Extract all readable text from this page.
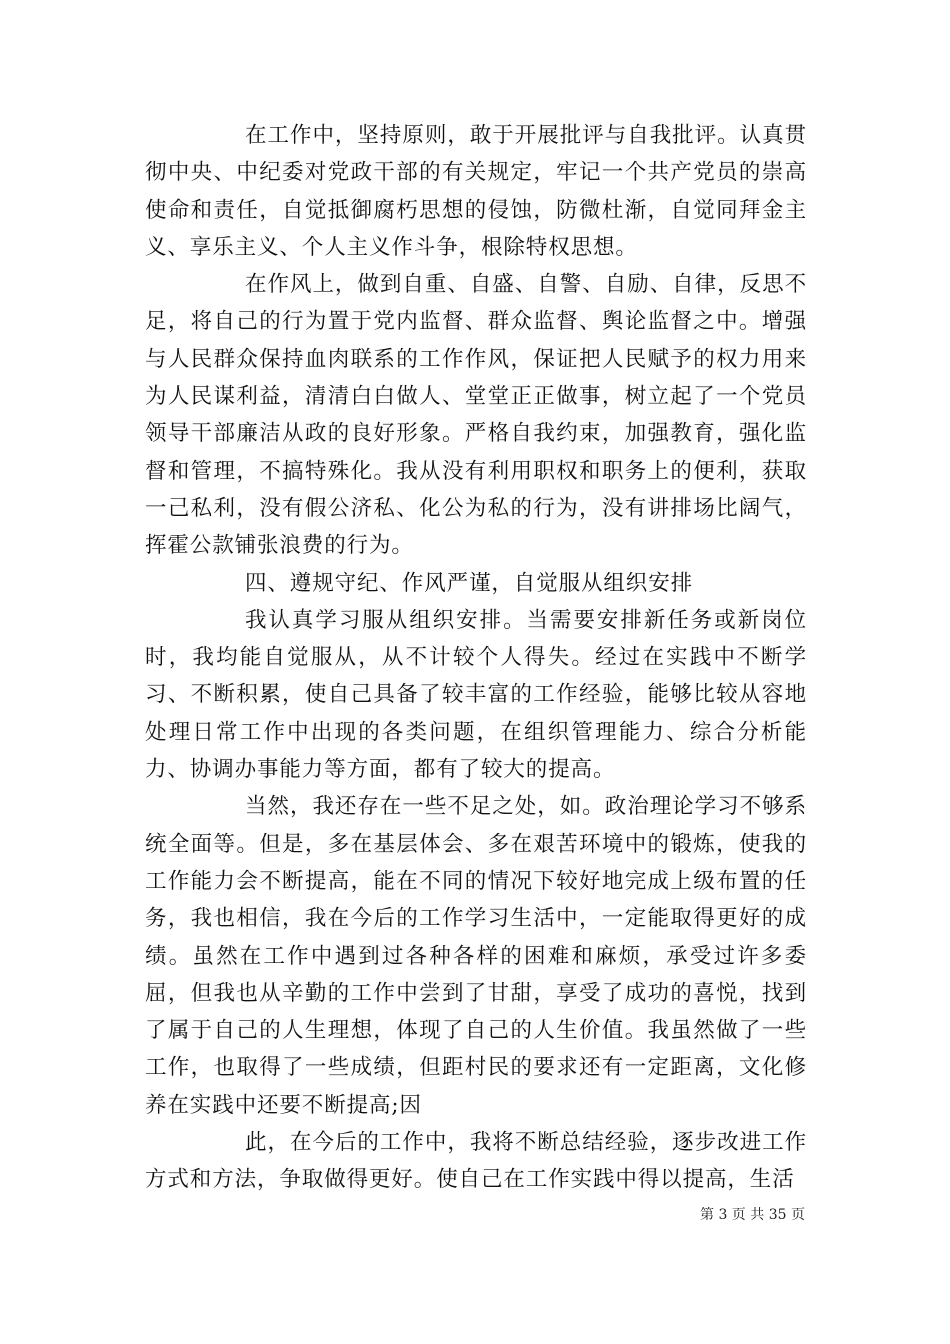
在工作中，坚持原则，敢于开展批评与自我批评。认真贯彻中央、中纪委对党政干部的有关规定，牢记一个共产党员的崇高使命和责任，自觉抵御腐朽思想的侵蚀，防微杜渐，自觉同拜金主义、享乐主义、个人主义作斗争，根除特权思想。

在作风上，做到自重、自盛、自警、自励、自律，反思不足，将自己的行为置于党内监督、群众监督、舆论监督之中。增强与人民群众保持血肉联系的工作作风，保证把人民赋予的权力用来为人民谋利益，清清白白做人、堂堂正正做事，树立起了一个党员领导干部廉洁从政的良好形象。严格自我约束，加强教育，强化监督和管理，不搞特殊化。我从没有利用职权和职务上的便利，获取一己私利，没有假公济私、化公为私的行为，没有讲排场比阔气，挥霍公款铺张浪费的行为。

四、遵规守纪、作风严谨，自觉服从组织安排

我认真学习服从组织安排。当需要安排新任务或新岗位时，我均能自觉服从，从不计较个人得失。经过在实践中不断学习、不断积累，使自己具备了较丰富的工作经验，能够比较从容地处理日常工作中出现的各类问题，在组织管理能力、综合分析能力、协调办事能力等方面，都有了较大的提高。

当然，我还存在一些不足之处，如。政治理论学习不够系统全面等。但是，多在基层体会、多在艰苦环境中的锻炼，使我的工作能力会不断提高，能在不同的情况下较好地完成上级布置的任务，我也相信，我在今后的工作学习生活中，一定能取得更好的成绩。虽然在工作中遇到过各种各样的困难和麻烦，承受过许多委屈，但我也从辛勤的工作中尝到了甘甜，享受了成功的喜悦，找到了属于自己的人生理想，体现了自己的人生价值。我虽然做了一些工作，也取得了一些成绩，但距村民的要求还有一定距离，文化修养在实践中还要不断提高;因

此，在今后的工作中，我将不断总结经验，逐步改进工作方式和方法，争取做得更好。使自己在工作实践中得以提高，生活

第 3 页 共 35 页
